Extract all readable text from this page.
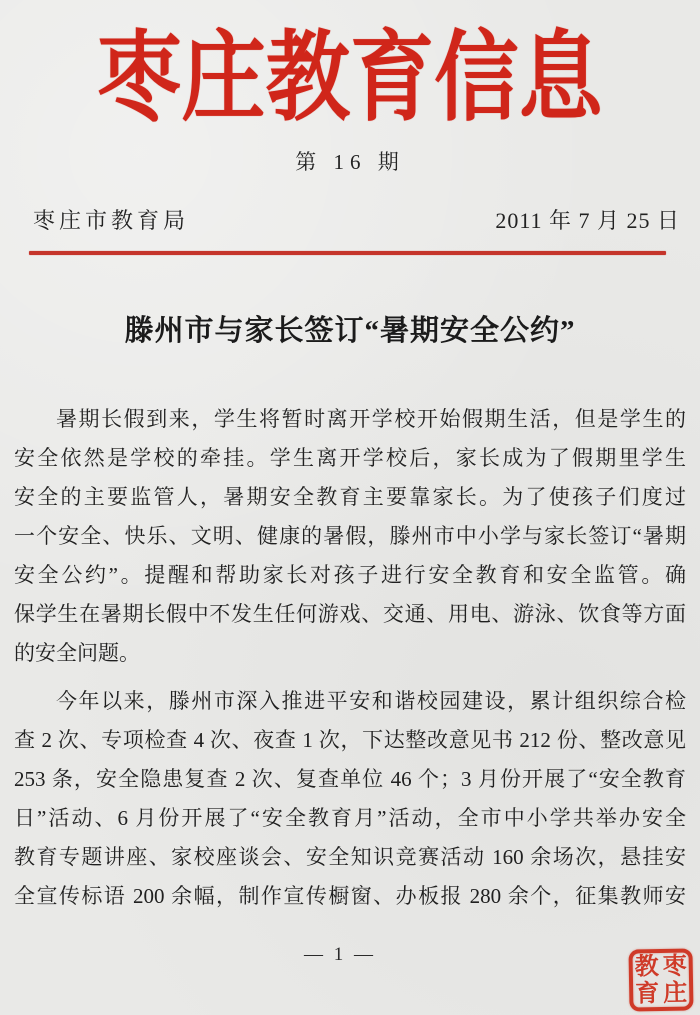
枣庄教育信息
第 16 期
枣庄市教育局	2011 年 7 月 25 日
滕州市与家长签订“暑期安全公约”
暑期长假到来，学生将暂时离开学校开始假期生活，但是学生的
安全依然是学校的牵挂。学生离开学校后，家长成为了假期里学生
安全的主要监管人，暑期安全教育主要靠家长。为了使孩子们度过
一个安全、快乐、文明、健康的暑假，滕州市中小学与家长签订“暑期
安全公约”。提醒和帮助家长对孩子进行安全教育和安全监管。确
保学生在暑期长假中不发生任何游戏、交通、用电、游泳、饮食等方面
的安全问题。
今年以来，滕州市深入推进平安和谐校园建设，累计组织综合检
查 2 次、专项检查 4 次、夜查 1 次，下达整改意见书 212 份、整改意见
253 条，安全隐患复查 2 次、复查单位 46 个；3 月份开展了“安全教育
日”活动、6 月份开展了“安全教育月”活动，全市中小学共举办安全
教育专题讲座、家校座谈会、安全知识竞赛活动 160 余场次，悬挂安
全宣传标语 200 余幅，制作宣传橱窗、办板报 280 余个，征集教师安
— 1 —	教 枣
育 庄
